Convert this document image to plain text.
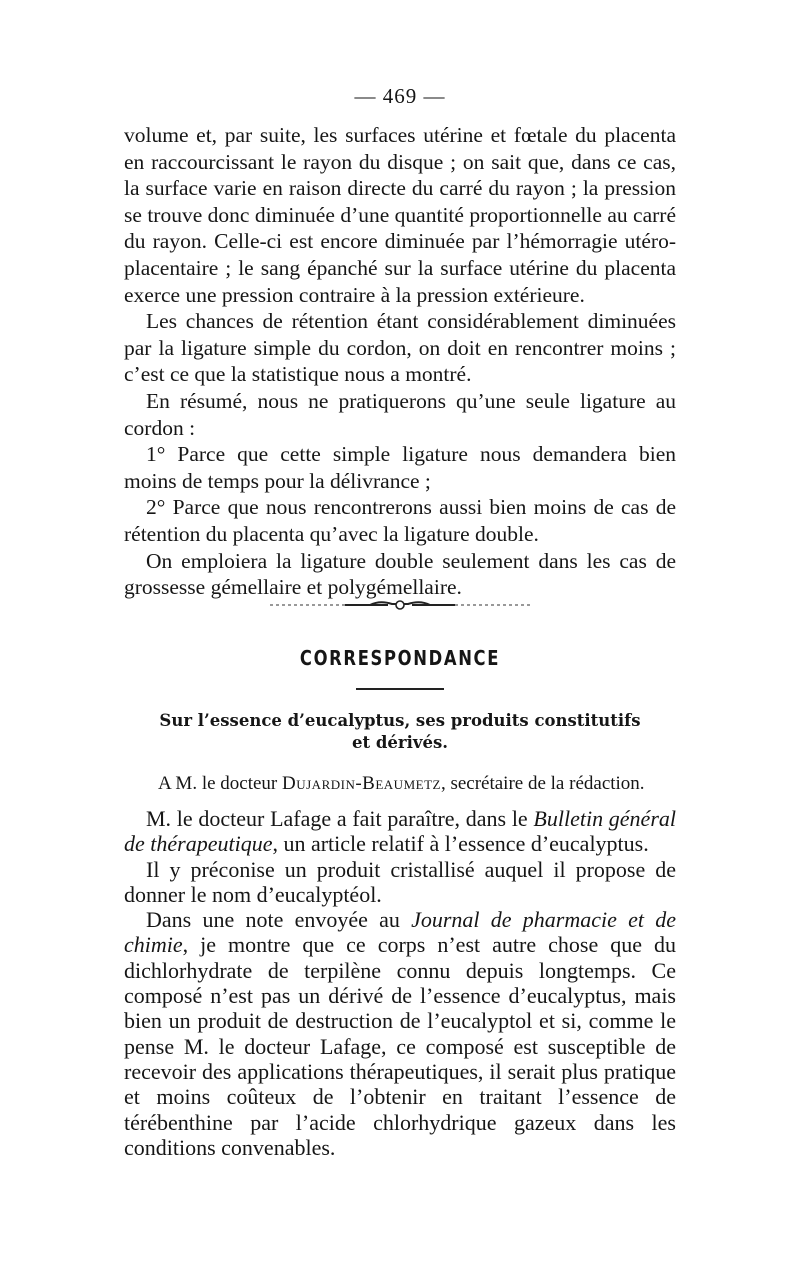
— 469 —

volume et, par suite, les surfaces utérine et fœtale du placenta en raccourcissant le rayon du disque ; on sait que, dans ce cas, la surface varie en raison directe du carré du rayon ; la pression se trouve donc diminuée d’une quantité proportionnelle au carré du rayon. Celle-ci est encore diminuée par l’hémorragie utéro-placentaire ; le sang épanché sur la surface utérine du placenta exerce une pression contraire à la pression extérieure.

Les chances de rétention étant considérablement diminuées par la ligature simple du cordon, on doit en rencontrer moins ; c’est ce que la statistique nous a montré.

En résumé, nous ne pratiquerons qu’une seule ligature au cordon :

1° Parce que cette simple ligature nous demandera bien moins de temps pour la délivrance ;

2° Parce que nous rencontrerons aussi bien moins de cas de rétention du placenta qu’avec la ligature double.

On emploiera la ligature double seulement dans les cas de grossesse gémellaire et polygémellaire.

CORRESPONDANCE
Sur l’essence d’eucalyptus, ses produits constitutifs
et dérivés.
A M. le docteur Dujardin-Beaumetz, secrétaire de la rédaction.

M. le docteur Lafage a fait paraître, dans le Bulletin général de thérapeutique, un article relatif à l’essence d’eucalyptus.

Il y préconise un produit cristallisé auquel il propose de donner le nom d’eucalyptéol.

Dans une note envoyée au Journal de pharmacie et de chimie, je montre que ce corps n’est autre chose que du dichlorhydrate de terpilène connu depuis longtemps. Ce composé n’est pas un dérivé de l’essence d’eucalyptus, mais bien un produit de destruction de l’eucalyptol et si, comme le pense M. le docteur Lafage, ce composé est susceptible de recevoir des applications thérapeutiques, il serait plus pratique et moins coûteux de l’obtenir en traitant l’essence de térébenthine par l’acide chlorhydrique gazeux dans les conditions convenables.
